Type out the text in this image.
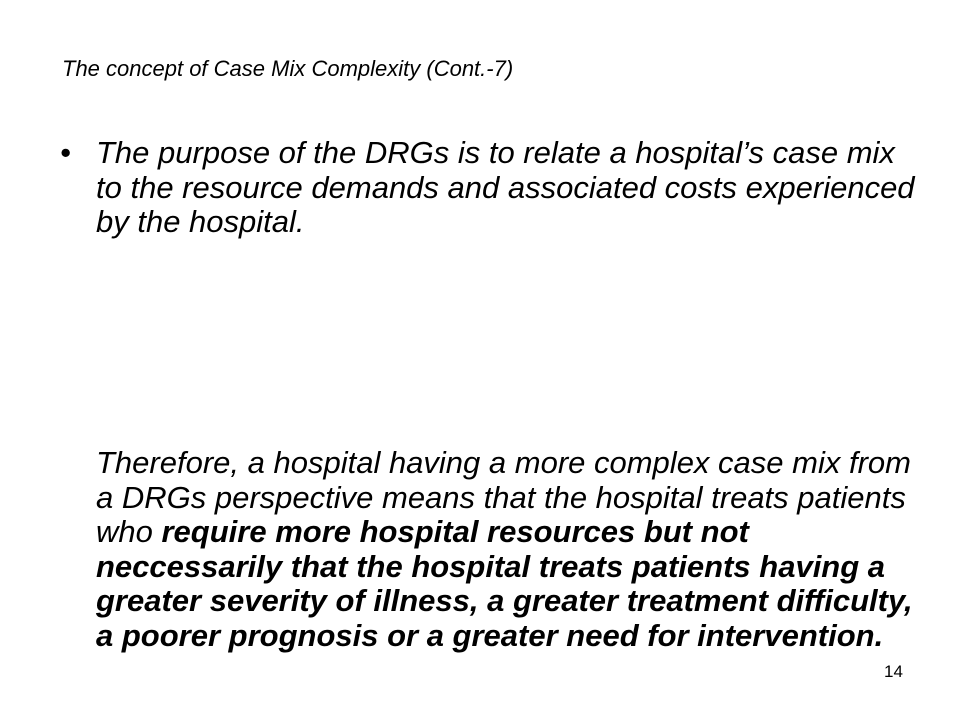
The concept of Case Mix Complexity (Cont.-7)
• The purpose of the DRGs is to relate a hospital’s case mix to the resource demands and associated costs experienced by the hospital.

Therefore, a hospital having a more complex case mix from a DRGs perspective means that the hospital treats patients who require more hospital resources but not neccessarily that the hospital treats patients having a greater severity of illness, a greater treatment difficulty, a poorer prognosis or a greater need for intervention.

14
